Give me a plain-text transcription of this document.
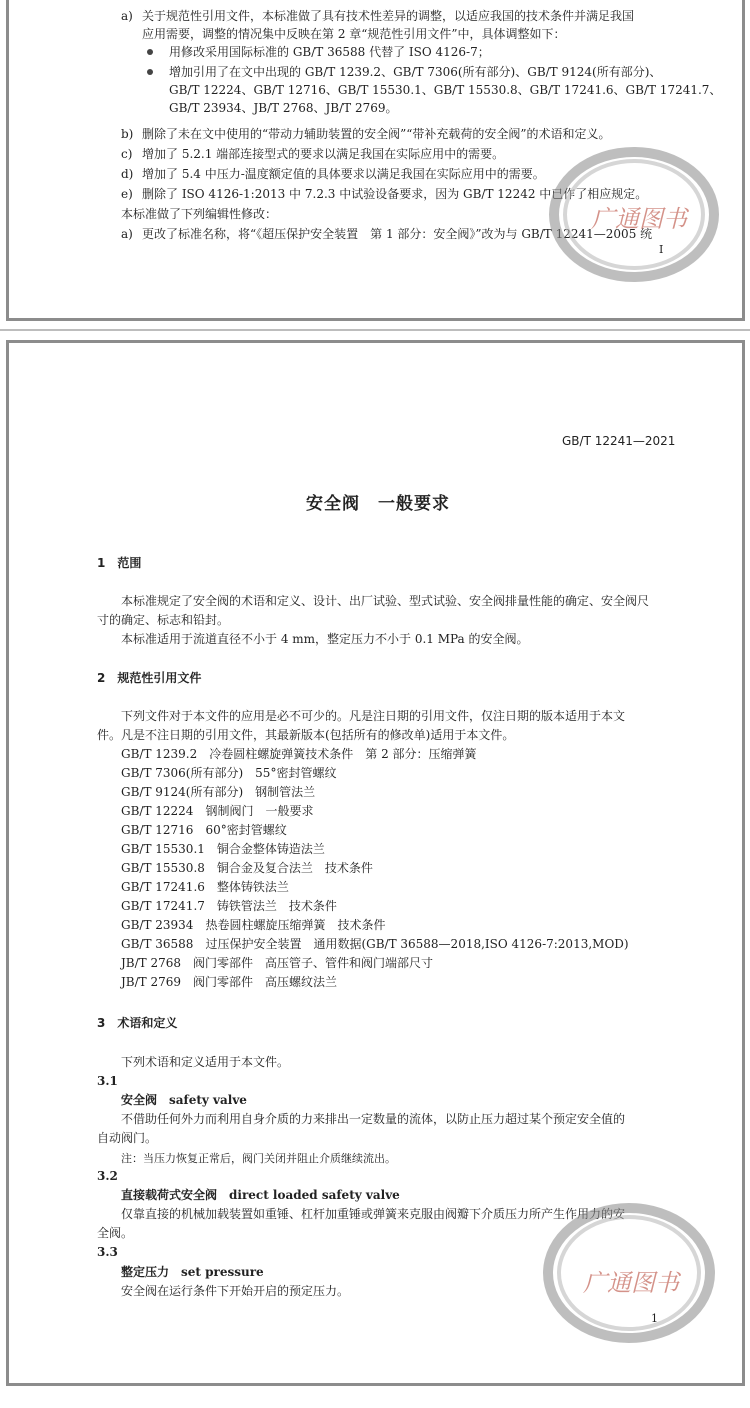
a) 关于规范性引用文件，本标准做了具有技术性差异的调整，以适应我国的技术条件并满足我国
应用需要，调整的情况集中反映在第 2 章“规范性引用文件”中，具体调整如下：
用修改采用国际标准的 GB/T 36588 代替了 ISO 4126-7；
增加引用了在文中出现的 GB/T 1239.2、GB/T 7306(所有部分)、GB/T 9124(所有部分)、
GB/T 12224、GB/T 12716、GB/T 15530.1、GB/T 15530.8、GB/T 17241.6、GB/T 17241.7、
GB/T 23934、JB/T 2768、JB/T 2769。
b) 删除了未在文中使用的“带动力辅助装置的安全阀”“带补充载荷的安全阀”的术语和定义。
c) 增加了 5.2.1 端部连接型式的要求以满足我国在实际应用中的需要。
d) 增加了 5.4 中压力-温度额定值的具体要求以满足我国在实际应用中的需要。
e) 删除了 ISO 4126-1:2013 中 7.2.3 中试验设备要求，因为 GB/T 12242 中已作了相应规定。
本标准做了下列编辑性修改：
a) 更改了标准名称，将“《超压保护安全装置　第 1 部分：安全阀》”改为与 GB/T 12241—2005 统
广通图书
I
GB/T 12241—2021
安全阀　一般要求
1　范围
本标准规定了安全阀的术语和定义、设计、出厂试验、型式试验、安全阀排量性能的确定、安全阀尺
寸的确定、标志和铅封。
本标准适用于流道直径不小于 4 mm，整定压力不小于 0.1 MPa 的安全阀。
2　规范性引用文件
下列文件对于本文件的应用是必不可少的。凡是注日期的引用文件，仅注日期的版本适用于本文
件。凡是不注日期的引用文件，其最新版本(包括所有的修改单)适用于本文件。
GB/T 1239.2　冷卷圆柱螺旋弹簧技术条件　第 2 部分：压缩弹簧
GB/T 7306(所有部分)　55°密封管螺纹
GB/T 9124(所有部分)　钢制管法兰
GB/T 12224　钢制阀门　一般要求
GB/T 12716　60°密封管螺纹
GB/T 15530.1　铜合金整体铸造法兰
GB/T 15530.8　铜合金及复合法兰　技术条件
GB/T 17241.6　整体铸铁法兰
GB/T 17241.7　铸铁管法兰　技术条件
GB/T 23934　热卷圆柱螺旋压缩弹簧　技术条件
GB/T 36588　过压保护安全装置　通用数据(GB/T 36588—2018,ISO 4126-7:2013,MOD)
JB/T 2768　阀门零部件　高压管子、管件和阀门端部尺寸
JB/T 2769　阀门零部件　高压螺纹法兰
3　术语和定义
下列术语和定义适用于本文件。
3.1
安全阀　safety valve
不借助任何外力而利用自身介质的力来排出一定数量的流体，以防止压力超过某个预定安全值的
自动阀门。
注：当压力恢复正常后，阀门关闭并阻止介质继续流出。
3.2
直接载荷式安全阀　direct loaded safety valve
仅靠直接的机械加载装置如重锤、杠杆加重锤或弹簧来克服由阀瓣下介质压力所产生作用力的安
全阀。
3.3
整定压力　set pressure
安全阀在运行条件下开始开启的预定压力。	广通图书
1
